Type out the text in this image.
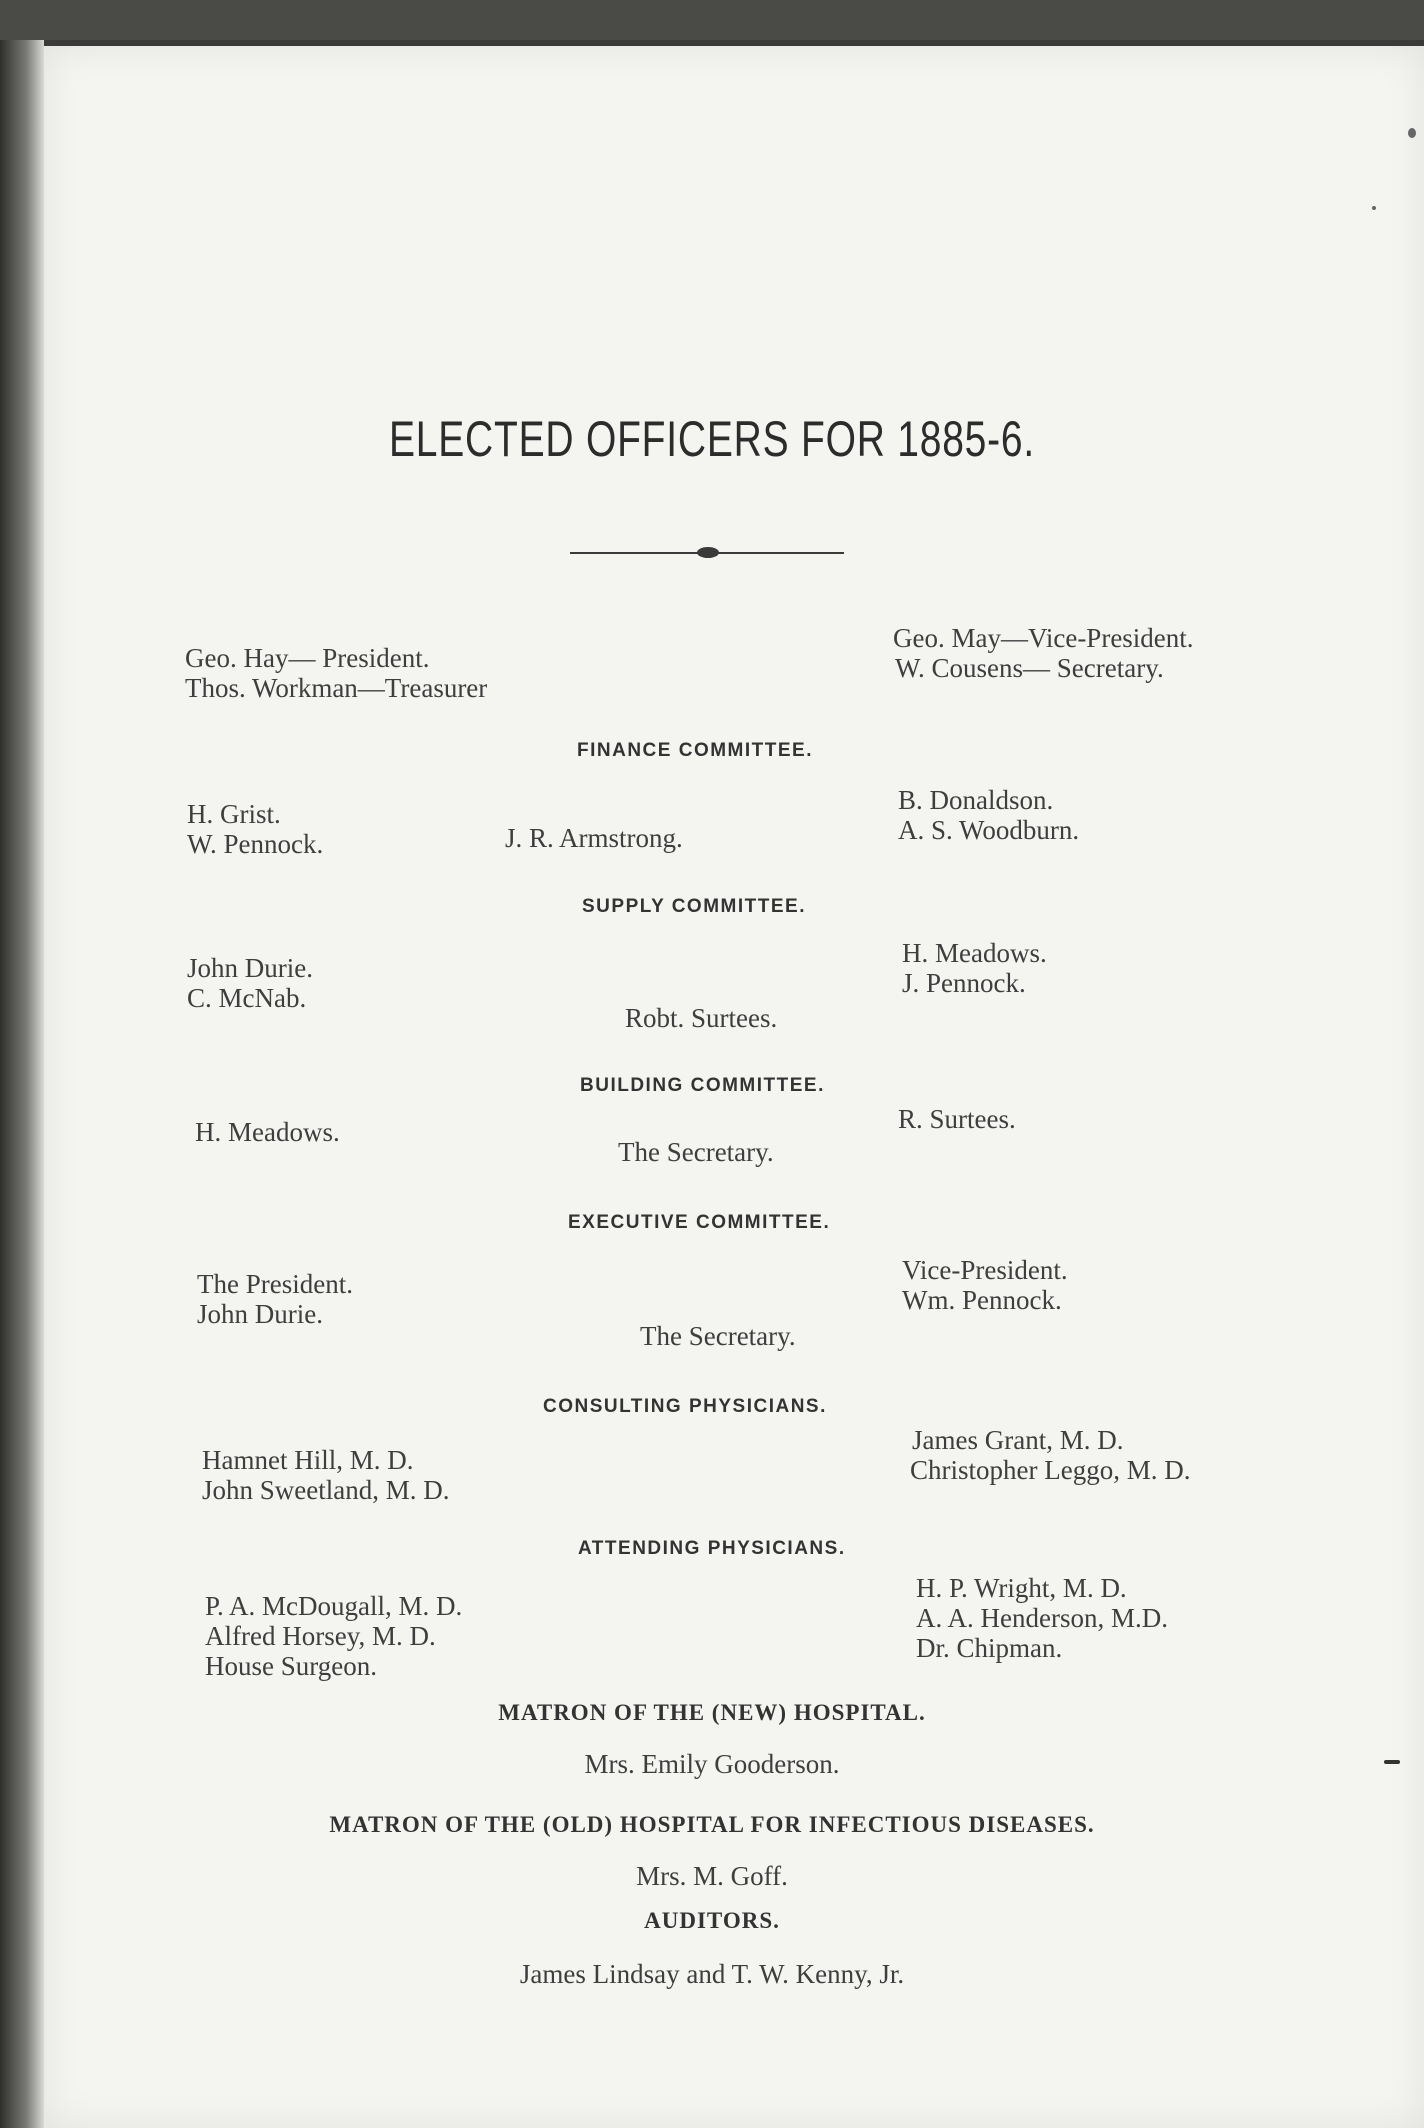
ELECTED OFFICERS FOR 1885-6.
Geo. Hay— President.
Thos. Workman—Treasurer
Geo. May—Vice-President.
W. Cousens— Secretary.
FINANCE COMMITTEE.
H. Grist.
W. Pennock.	J. R. Armstrong.
B. Donaldson.
A. S. Woodburn.
SUPPLY COMMITTEE.
John Durie.
C. McNab.
Robt. Surtees.
H. Meadows.
J. Pennock.
BUILDING COMMITTEE.
H. Meadows.
The Secretary.
R. Surtees.
EXECUTIVE COMMITTEE.
The President.
John Durie.
The Secretary.
Vice-President.
Wm. Pennock.
CONSULTING PHYSICIANS.
Hamnet Hill, M. D.
John Sweetland, M. D.
James Grant, M. D.
Christopher Leggo, M. D.
ATTENDING PHYSICIANS.
P. A. McDougall, M. D.
Alfred Horsey, M. D.
House Surgeon.
H. P. Wright, M. D.
A. A. Henderson, M.D.
Dr. Chipman.
MATRON OF THE (NEW) HOSPITAL.
Mrs. Emily Gooderson.
MATRON OF THE (OLD) HOSPITAL FOR INFECTIOUS DISEASES.
Mrs. M. Goff.
AUDITORS.
James Lindsay and T. W. Kenny, Jr.
